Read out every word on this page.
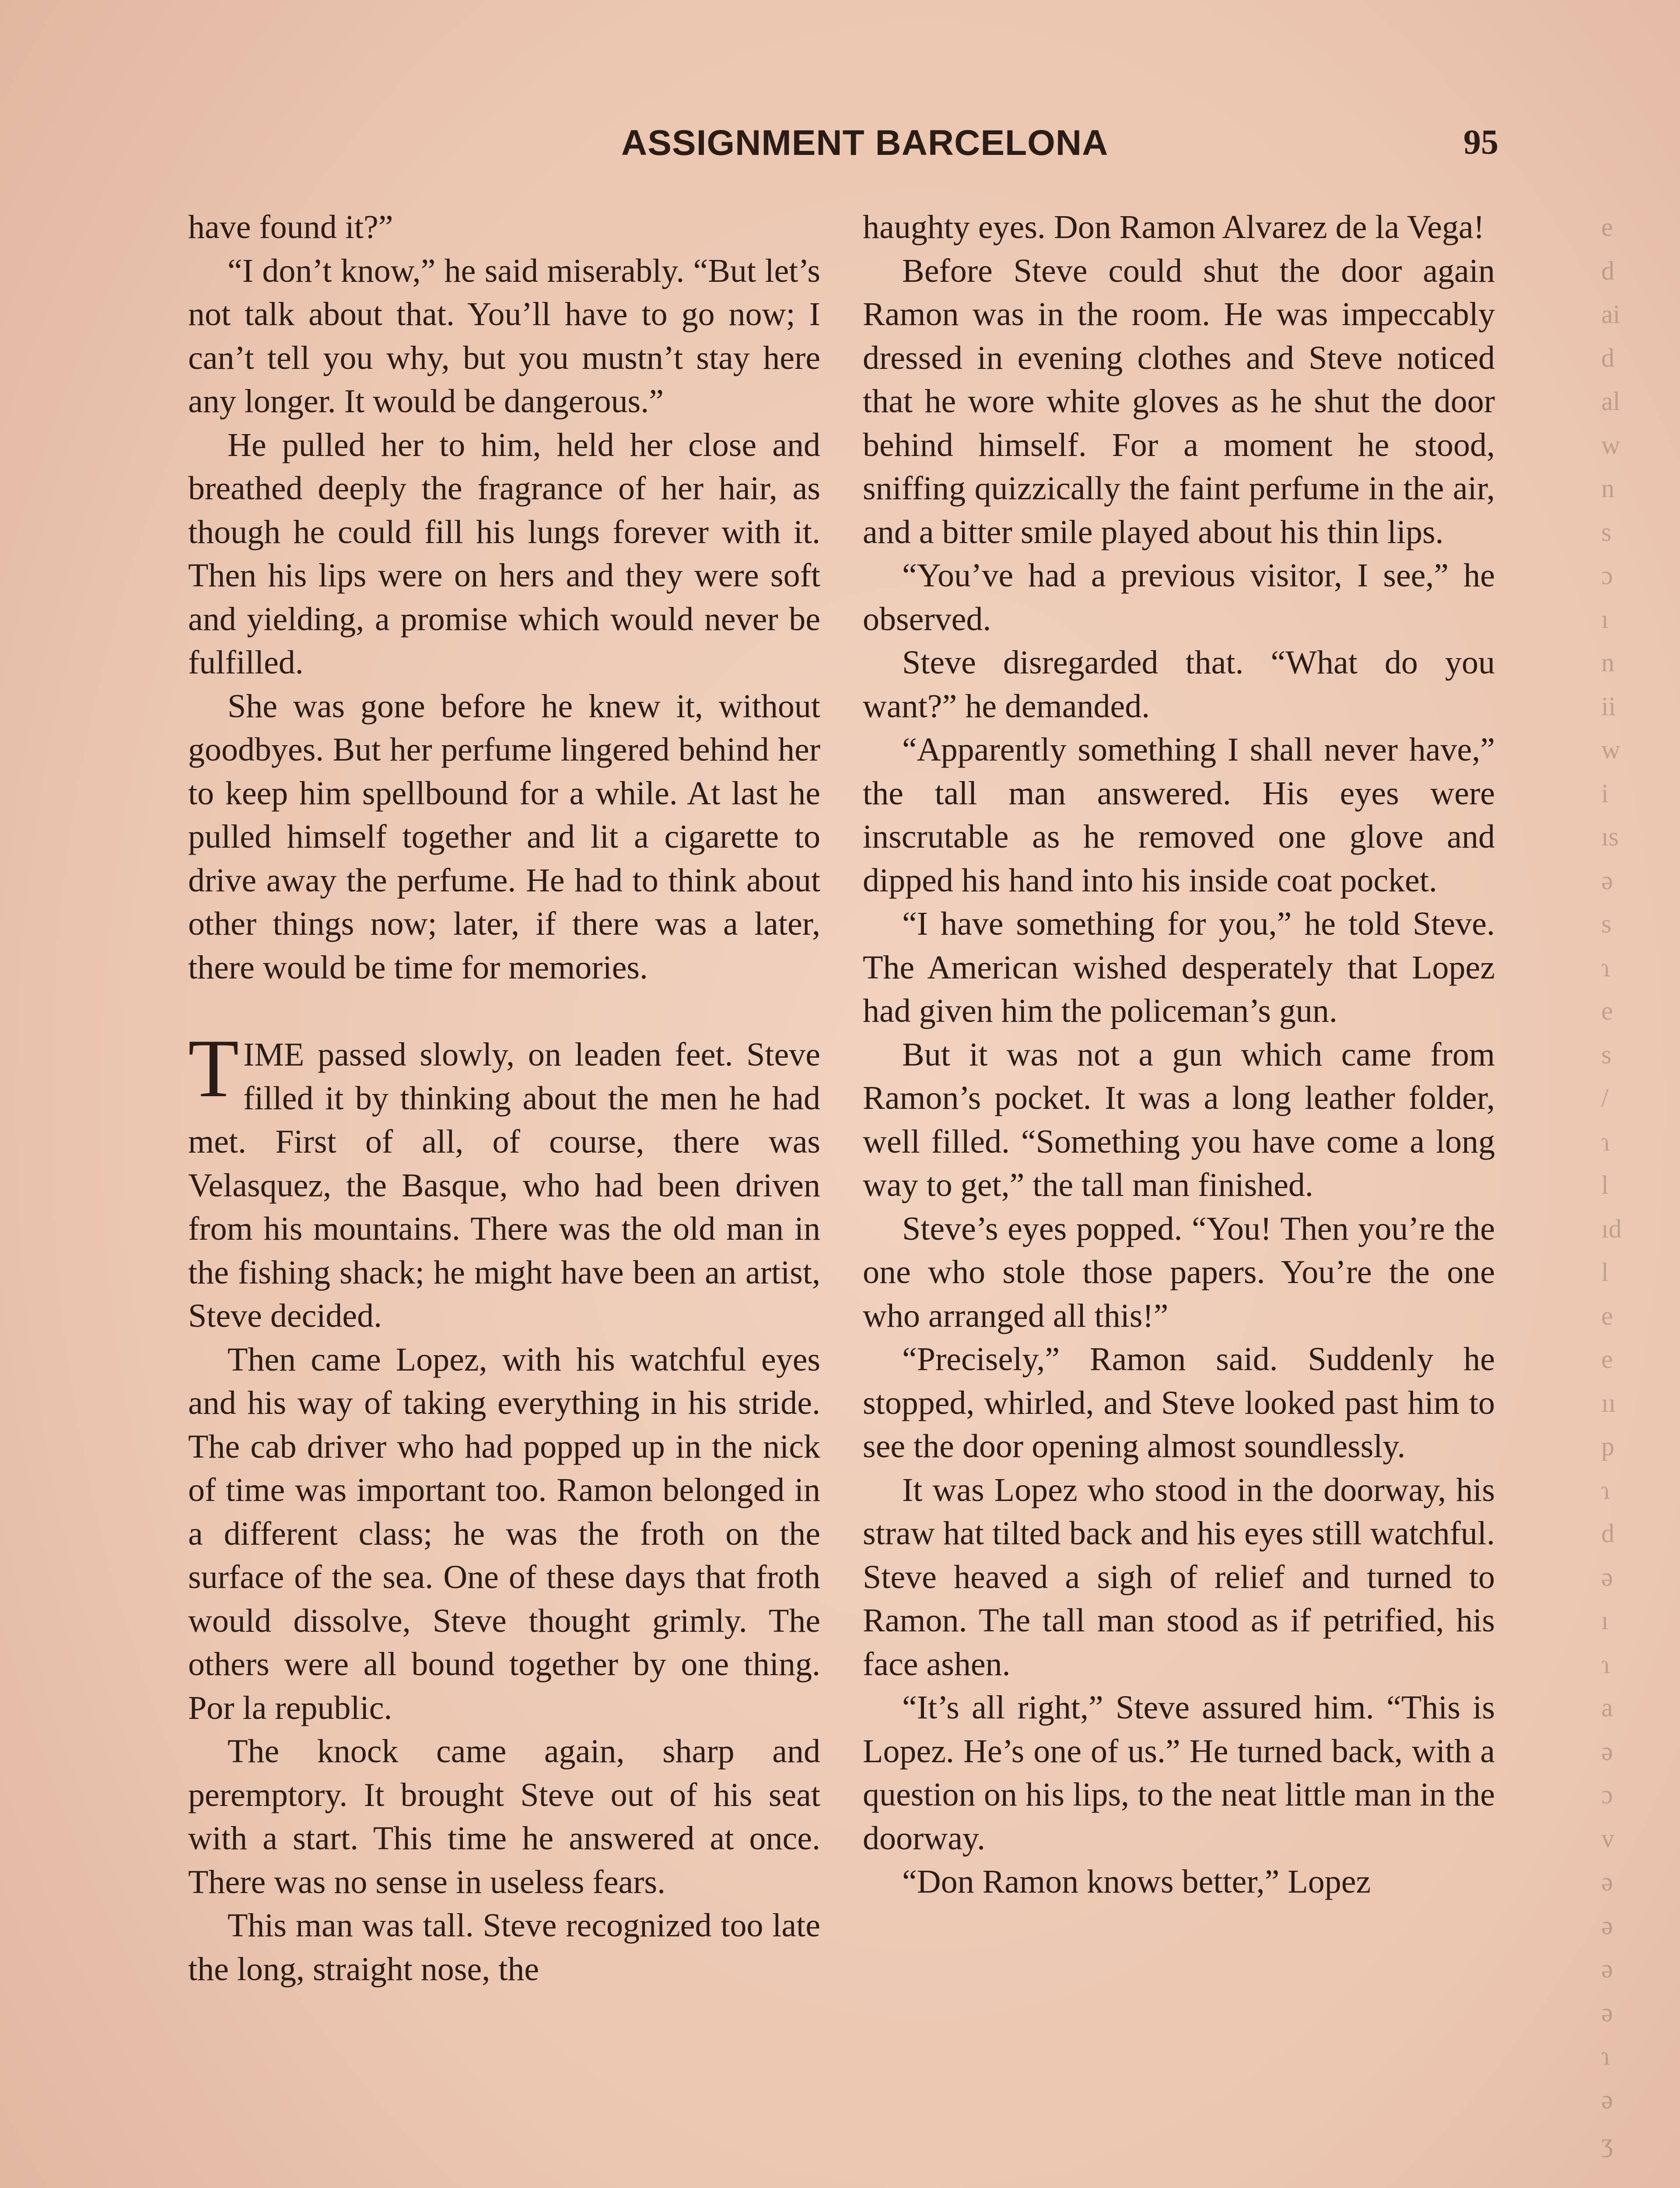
ASSIGNMENT BARCELONA	95

have found it?”

“I don’t know,” he said miserably. “But let’s not talk about that. You’ll have to go now; I can’t tell you why, but you mustn’t stay here any longer. It would be dangerous.”

He pulled her to him, held her close and breathed deeply the fragrance of her hair, as though he could fill his lungs forever with it. Then his lips were on hers and they were soft and yielding, a promise which would never be fulfilled.

She was gone before he knew it, without goodbyes. But her perfume lingered behind her to keep him spellbound for a while. At last he pulled himself together and lit a cigarette to drive away the perfume. He had to think about other things now; later, if there was a later, there would be time for memories.

TIME passed slowly, on leaden feet. Steve filled it by thinking about the men he had met. First of all, of course, there was Velasquez, the Basque, who had been driven from his mountains. There was the old man in the fishing shack; he might have been an artist, Steve decided.

Then came Lopez, with his watchful eyes and his way of taking everything in his stride. The cab driver who had popped up in the nick of time was important too. Ramon belonged in a different class; he was the froth on the surface of the sea. One of these days that froth would dissolve, Steve thought grimly. The others were all bound together by one thing. Por la republic.

The knock came again, sharp and peremptory. It brought Steve out of his seat with a start. This time he answered at once. There was no sense in useless fears.

This man was tall. Steve recognized too late the long, straight nose, the

haughty eyes. Don Ramon Alvarez de la Vega!

Before Steve could shut the door again Ramon was in the room. He was impeccably dressed in evening clothes and Steve noticed that he wore white gloves as he shut the door behind himself. For a moment he stood, sniffing quizzically the faint perfume in the air, and a bitter smile played about his thin lips.

“You’ve had a previous visitor, I see,” he observed.

Steve disregarded that. “What do you want?” he demanded.

“Apparently something I shall never have,” the tall man answered. His eyes were inscrutable as he removed one glove and dipped his hand into his inside coat pocket.

“I have something for you,” he told Steve. The American wished desperately that Lopez had given him the policeman’s gun.

But it was not a gun which came from Ramon’s pocket. It was a long leather folder, well filled. “Something you have come a long way to get,” the tall man finished.

Steve’s eyes popped. “You! Then you’re the one who stole those papers. You’re the one who arranged all this!”

“Precisely,” Ramon said. Suddenly he stopped, whirled, and Steve looked past him to see the door opening almost soundlessly.

It was Lopez who stood in the doorway, his straw hat tilted back and his eyes still watchful. Steve heaved a sigh of relief and turned to Ramon. The tall man stood as if petrified, his face ashen.

“It’s all right,” Steve assured him. “This is Lopez. He’s one of us.” He turned back, with a question on his lips, to the neat little man in the doorway.

“Don Ramon knows better,” Lopez

e
d
ai
d
al
w
n
s
ɔ
ı
n
ii
w
i
ıs
ə
s
ɿ
e
s
/
ɿ
l
ıd
l
e
e
ıı
p
ɿ
d
ə
ı
ɿ
a
ə
ɔ
v
ə
ə
ə
ə
ɿ
ə
ʒ
